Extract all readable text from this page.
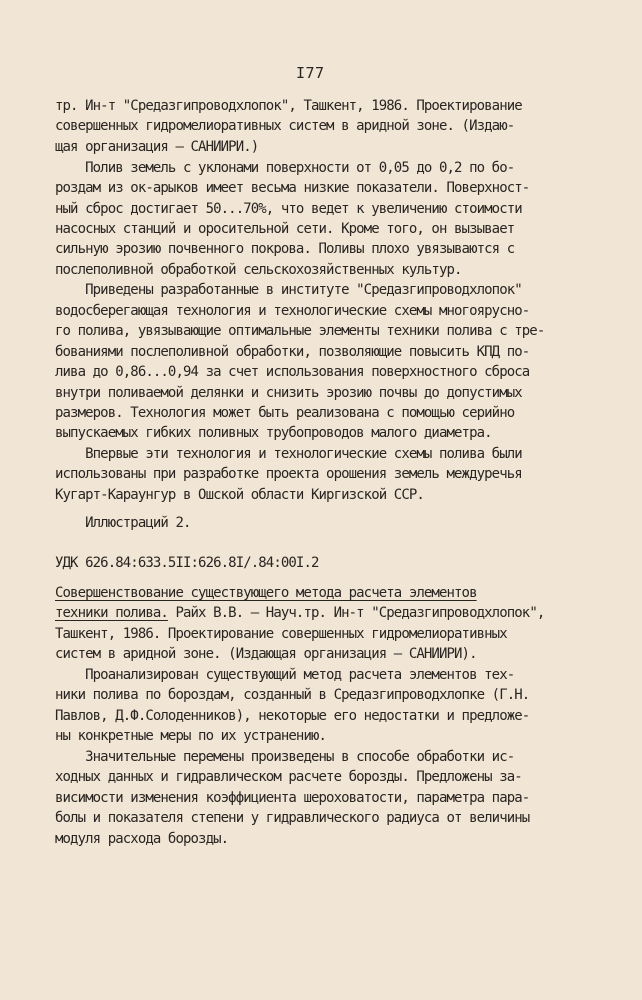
I77
тр. Ин-т "Средазгипроводхлопок", Ташкент, 1986. Проектирование
совершенных гидромелиоративных систем в аридной зоне. (Издаю-
щая организация – САНИИРИ.)
Полив земель с уклонами поверхности от 0,05 до 0,2 по бо-
роздам из ок-арыков имеет весьма низкие показатели. Поверхност-
ный сброс достигает 50...70%, что ведет к увеличению стоимости
насосных станций и оросительной сети. Кроме того, он вызывает
сильную эрозию почвенного покрова. Поливы плохо увязываются с
послеполивной обработкой сельскохозяйственных культур.
Приведены разработанные в институте "Средазгипроводхлопок"
водосберегающая технология и технологические схемы многоярусно-
го полива, увязывающие оптимальные элементы техники полива с тре-
бованиями послеполивной обработки, позволяющие повысить КПД по-
лива до 0,86...0,94 за счет использования поверхностного сброса
внутри поливаемой делянки и снизить эрозию почвы до допустимых
размеров. Технология может быть реализована с помощью серийно
выпускаемых гибких поливных трубопроводов малого диаметра.
Впервые эти технология и технологические схемы полива были
использованы при разработке проекта орошения земель междуречья
Кугарт-Караунгур в Ошской области Киргизской ССР.
Иллюстраций 2.
УДК 626.84:633.5II:626.8I/.84:00I.2
Совершенствование существующего метода расчета элементов
техники полива. Райх В.В. – Науч.тр. Ин-т "Средазгипроводхлопок",
Ташкент, 1986. Проектирование совершенных гидромелиоративных
систем в аридной зоне. (Издающая организация – САНИИРИ).
Проанализирован существующий метод расчета элементов тех-
ники полива по бороздам, созданный в Средазгипроводхлопке (Г.Н.
Павлов, Д.Ф.Солоденников), некоторые его недостатки и предложе-
ны конкретные меры по их устранению.
Значительные перемены произведены в способе обработки ис-
ходных данных и гидравлическом расчете борозды. Предложены за-
висимости изменения коэффициента шероховатости, параметра пара-
болы и показателя степени у гидравлического радиуса от величины
модуля расхода борозды.
